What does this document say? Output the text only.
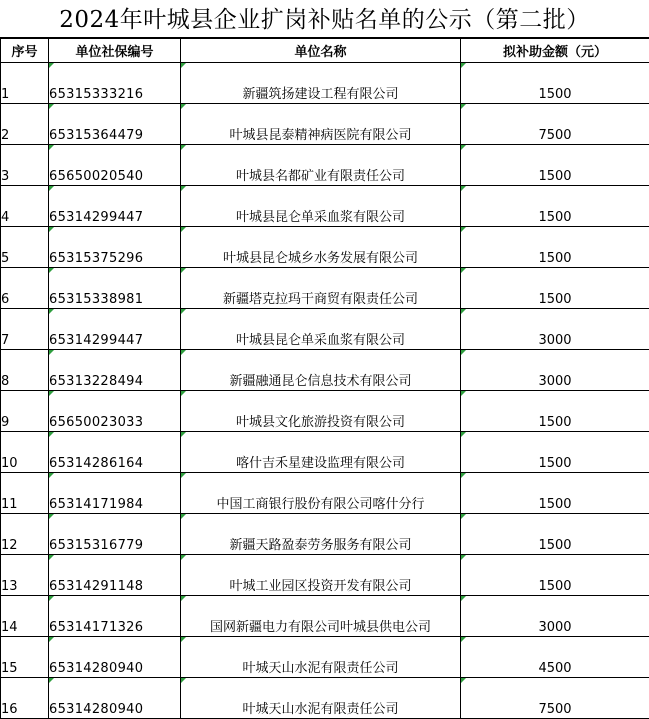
2024年叶城县企业扩岗补贴名单的公示（第二批）
序号	单位社保编号	单位名称	拟补助金额（元）
1	65315333216	新疆筑扬建设工程有限公司	1500
2	65315364479	叶城县昆泰精神病医院有限公司	7500
3	65650020540	叶城县名都矿业有限责任公司	1500
4	65314299447	叶城县昆仑单采血浆有限公司	1500
5	65315375296	叶城县昆仑城乡水务发展有限公司	1500
6	65315338981	新疆塔克拉玛干商贸有限责任公司	1500
7	65314299447	叶城县昆仑单采血浆有限公司	3000
8	65313228494	新疆融通昆仑信息技术有限公司	3000
9	65650023033	叶城县文化旅游投资有限公司	1500
10	65314286164	喀什吉禾星建设监理有限公司	1500
11	65314171984	中国工商银行股份有限公司喀什分行	1500
12	65315316779	新疆天路盈泰劳务服务有限公司	1500
13	65314291148	叶城工业园区投资开发有限公司	1500
14	65314171326	国网新疆电力有限公司叶城县供电公司	3000
15	65314280940	叶城天山水泥有限责任公司	4500
16	65314280940	叶城天山水泥有限责任公司	7500
